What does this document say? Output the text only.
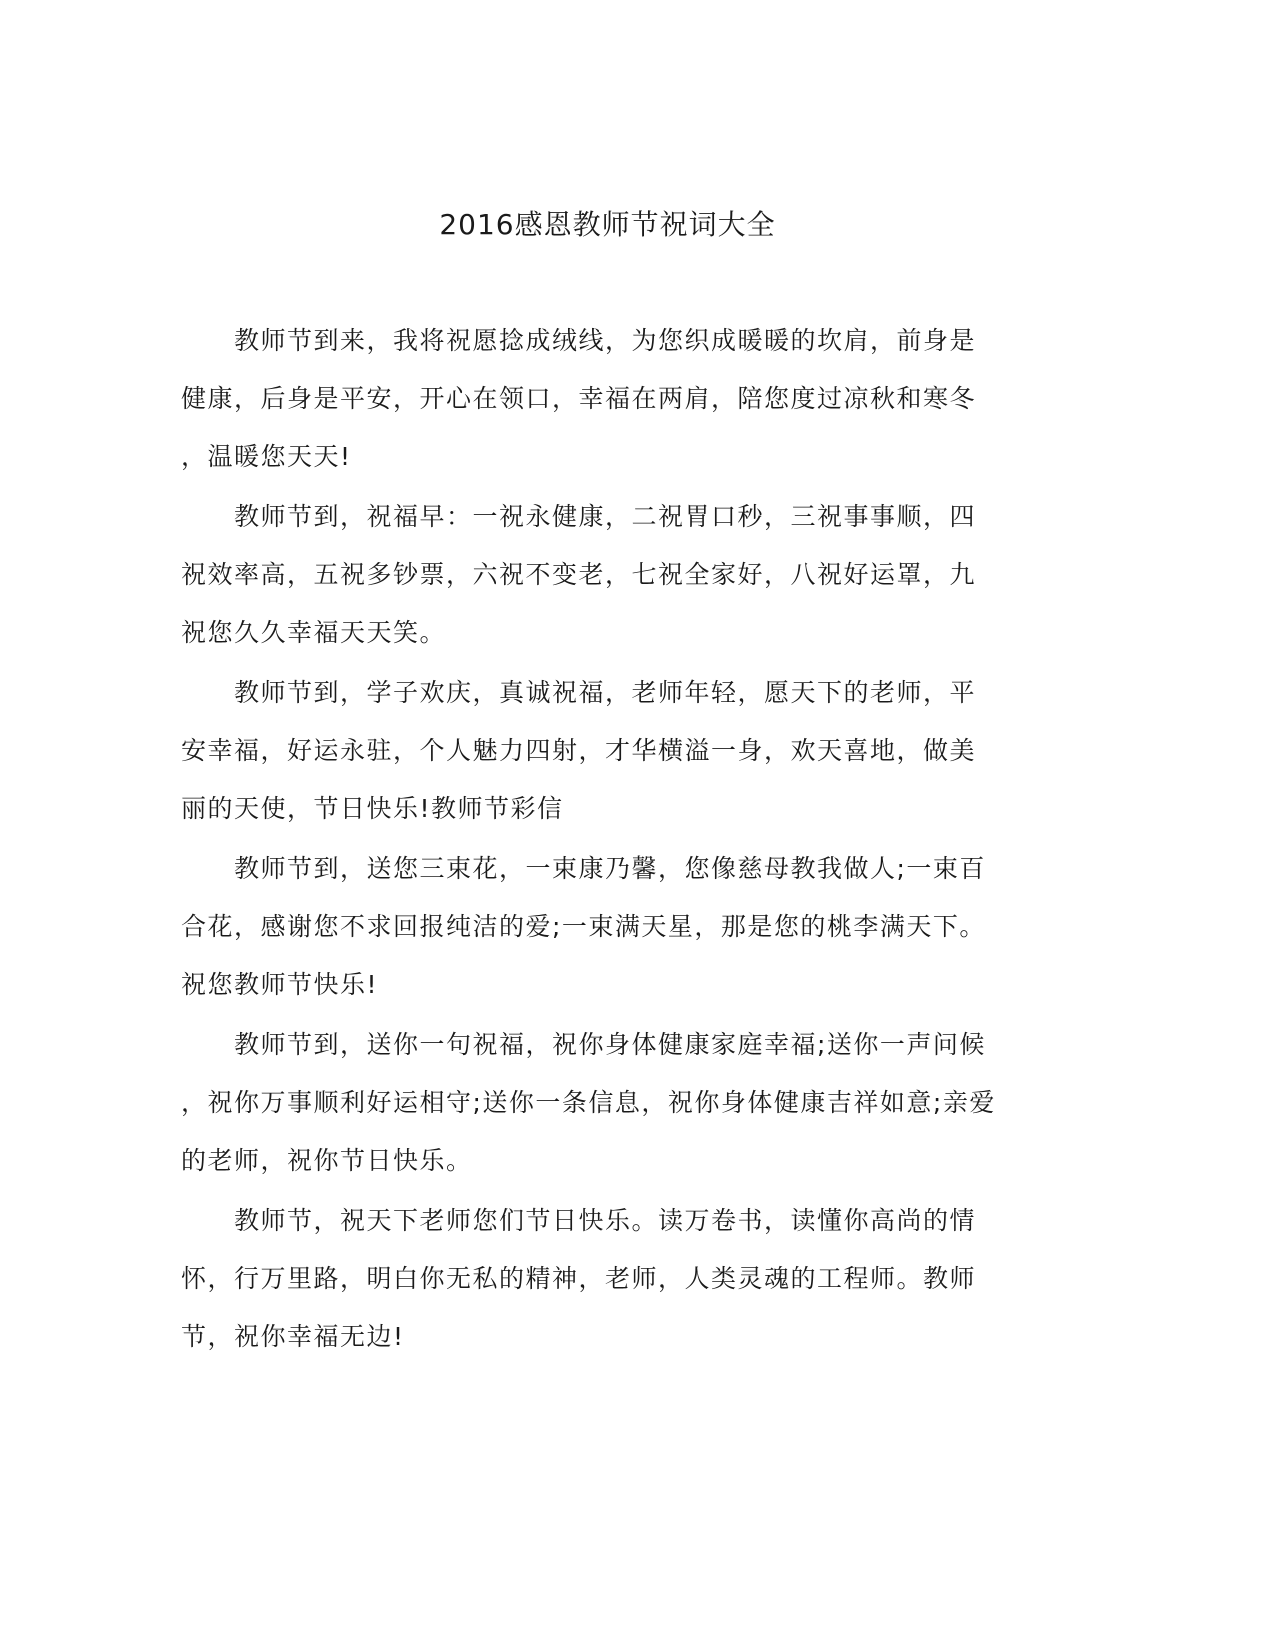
2016感恩教师节祝词大全
　　教师节到来，我将祝愿捻成绒线，为您织成暖暖的坎肩，前身是
健康，后身是平安，开心在领口，幸福在两肩，陪您度过凉秋和寒冬
，温暖您天天!
　　教师节到，祝福早：一祝永健康，二祝胃口秒，三祝事事顺，四
祝效率高，五祝多钞票，六祝不变老，七祝全家好，八祝好运罩，九
祝您久久幸福天天笑。
　　教师节到，学子欢庆，真诚祝福，老师年轻，愿天下的老师，平
安幸福，好运永驻，个人魅力四射，才华横溢一身，欢天喜地，做美
丽的天使，节日快乐!教师节彩信
　　教师节到，送您三束花，一束康乃馨，您像慈母教我做人;一束百
合花，感谢您不求回报纯洁的爱;一束满天星，那是您的桃李满天下。
祝您教师节快乐!
　　教师节到，送你一句祝福，祝你身体健康家庭幸福;送你一声问候
，祝你万事顺利好运相守;送你一条信息，祝你身体健康吉祥如意;亲爱
的老师，祝你节日快乐。
　　教师节，祝天下老师您们节日快乐。读万卷书，读懂你高尚的情
怀，行万里路，明白你无私的精神，老师，人类灵魂的工程师。教师
节，祝你幸福无边!
